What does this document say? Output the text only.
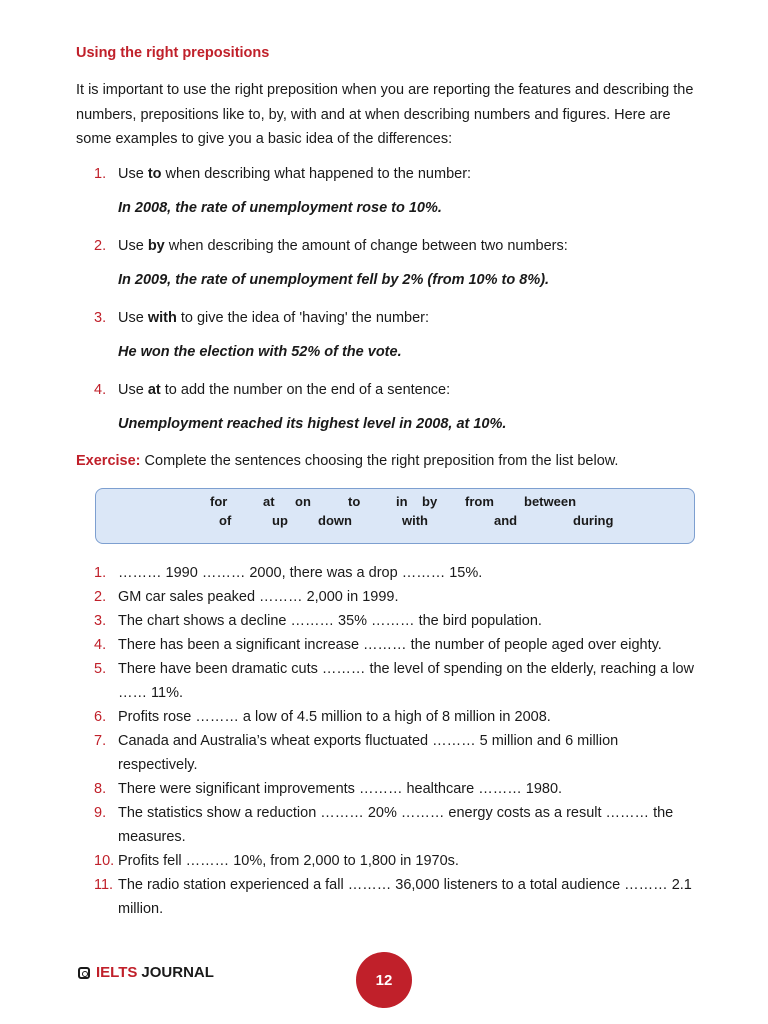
Using the right prepositions
It is important to use the right preposition when you are reporting the features and describing the numbers, prepositions like to, by, with and at when describing numbers and figures. Here are some examples to give you a basic idea of the differences:
1. Use to when describing what happened to the number:
In 2008, the rate of unemployment rose to 10%.
2. Use by when describing the amount of change between two numbers:
In 2009, the rate of unemployment fell by 2% (from 10% to 8%).
3. Use with to give the idea of 'having' the number:
He won the election with 52% of the vote.
4. Use at to add the number on the end of a sentence:
Unemployment reached its highest level in 2008, at 10%.
Exercise: Complete the sentences choosing the right preposition from the list below.
for	at on	to	in by from between
of	up down	with	and	during
1. ……… 1990 ……… 2000, there was a drop ……… 15%.
2. GM car sales peaked ……… 2,000 in 1999.
3. The chart shows a decline ……… 35% ……… the bird population.
4. There has been a significant increase ……… the number of people aged over eighty.
5. There have been dramatic cuts ……… the level of spending on the elderly, reaching a low …… 11%.
6. Profits rose ……… a low of 4.5 million to a high of 8 million in 2008.
7. Canada and Australia’s wheat exports fluctuated ……… 5 million and 6 million respectively.
8. There were significant improvements ……… healthcare ……… 1980.
9. The statistics show a reduction ……… 20% ……… energy costs as a result ……… the measures.
10. Profits fell ……… 10%, from 2,000 to 1,800 in 1970s.
11. The radio station experienced a fall ……… 36,000 listeners to a total audience ……… 2.1 million.
IELTS JOURNAL	12
